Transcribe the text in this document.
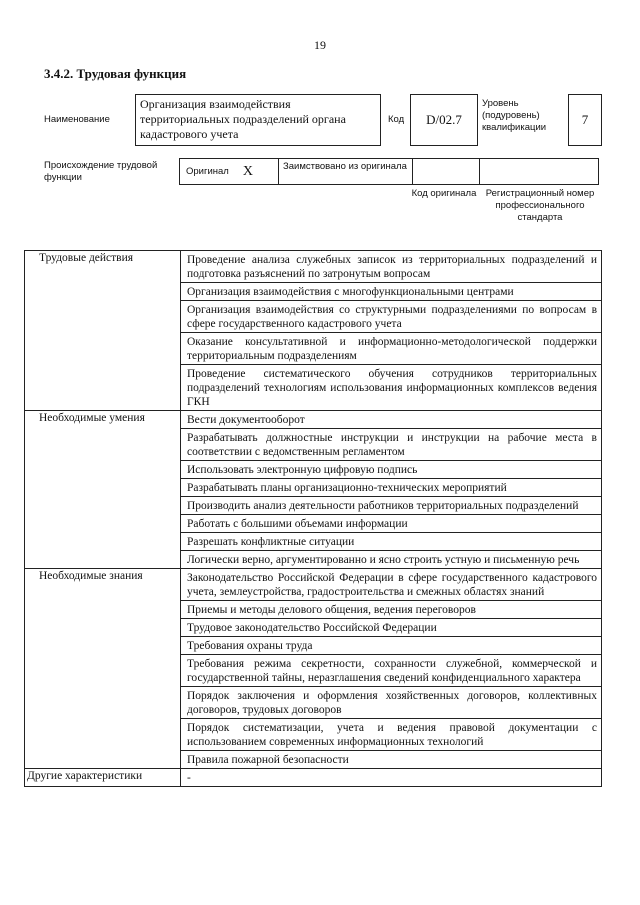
19
3.4.2. Трудовая функция
Наименование
Организация взаимодействия территориальных подразделений органа кадастрового учета
Код	D/02.7
Уровень (подуровень) квалификации
7
Происхождение трудовой функции
Оригинал X	Заимствовано из оригинала
Код оригинала Регистрационный номер профессионального стандарта
Трудовые действия	Проведение анализа служебных записок из территориальных подразделений и подготовка разъяснений по затронутым вопросам
	Организация взаимодействия с многофункциональными центрами
	Организация взаимодействия со структурными подразделениями по вопросам в сфере государственного кадастрового учета
	Оказание консультативной и информационно-методологической поддержки территориальным подразделениям
	Проведение систематического обучения сотрудников территориальных подразделений технологиям использования информационных комплексов ведения ГКН
Необходимые умения	Вести документооборот
	Разрабатывать должностные инструкции и инструкции на рабочие места в соответствии с ведомственным регламентом
	Использовать электронную цифровую подпись
	Разрабатывать планы организационно-технических мероприятий
	Производить анализ деятельности работников территориальных подразделений
	Работать с большими объемами информации
	Разрешать конфликтные ситуации
	Логически верно, аргументированно и ясно строить устную и письменную речь
Необходимые знания	Законодательство Российской Федерации в сфере государственного кадастрового учета, землеустройства, градостроительства и смежных областях знаний
	Приемы и методы делового общения, ведения переговоров
	Трудовое законодательство Российской Федерации
	Требования охраны труда
	Требования режима секретности, сохранности служебной, коммерческой и государственной тайны, неразглашения сведений конфиденциального характера
	Порядок заключения и оформления хозяйственных договоров, коллективных договоров, трудовых договоров
	Порядок систематизации, учета и ведения правовой документации с использованием современных информационных технологий
	Правила пожарной безопасности
Другие характеристики	-
